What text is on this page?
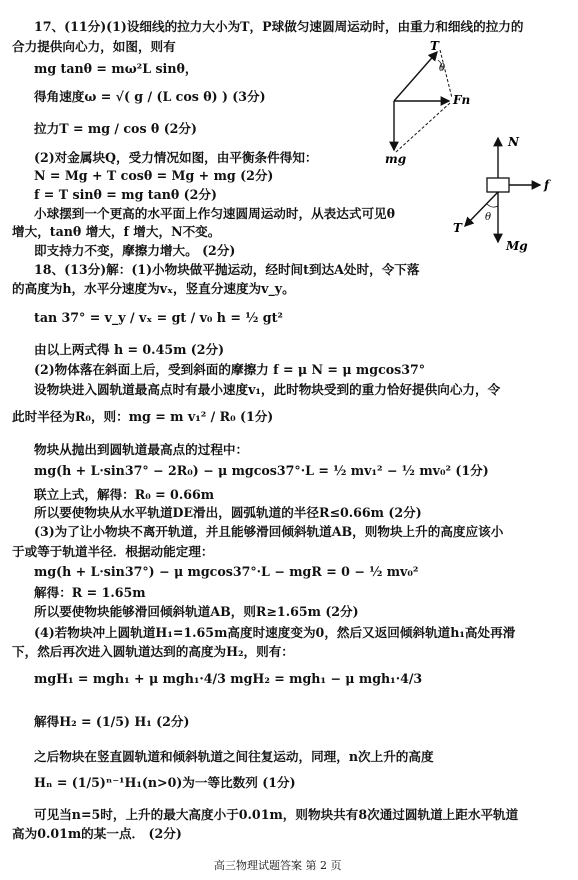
17、(11分)(1)设细线的拉力大小为T，P球做匀速圆周运动时，由重力和细线的拉力的
合力提供向心力，如图，则有
mg tanθ = mω²L sinθ，
得角速度ω = √( g / (L cos θ) ) (3分)
拉力T = mg / cos θ (2分)
(2)对金属块Q，受力情况如图，由平衡条件得知：
N = Mg + T cosθ = Mg + mg (2分)
f = T sinθ = mg tanθ (2分)
小球摆到一个更高的水平面上作匀速圆周运动时，从表达式可见θ
增大，tanθ 增大，f 增大，N不变。
即支持力不变，摩擦力增大。 (2分)
18、(13分)解：(1)小物块做平抛运动，经时间t到达A处时，令下落
的高度为h，水平分速度为vₓ，竖直分速度为v_y。
tan 37° = v_y / vₓ = gt / v₀ h = ½ gt²
由以上两式得 h = 0.45m (2分)
(2)物体落在斜面上后，受到斜面的摩擦力 f = μ N = μ mgcos37°
设物块进入圆轨道最高点时有最小速度v₁，此时物块受到的重力恰好提供向心力，令
此时半径为R₀，则：mg = m v₁² / R₀ (1分)
物块从抛出到圆轨道最高点的过程中：
mg(h + L·sin37° − 2R₀) − μ mgcos37°·L = ½ mv₁² − ½ mv₀² (1分)
联立上式，解得：R₀ = 0.66m
所以要使物块从水平轨道DE滑出，圆弧轨道的半径R≤0.66m (2分)
(3)为了让小物块不离开轨道，并且能够滑回倾斜轨道AB，则物块上升的高度应该小
于或等于轨道半径．根据动能定理：
mg(h + L·sin37°) − μ mgcos37°·L − mgR = 0 − ½ mv₀²
解得：R = 1.65m
所以要使物块能够滑回倾斜轨道AB，则R≥1.65m (2分)
(4)若物块冲上圆轨道H₁=1.65m高度时速度变为0，然后又返回倾斜轨道h₁高处再滑
下，然后再次进入圆轨道达到的高度为H₂，则有：
mgH₁ = mgh₁ + μ mgh₁·4/3 mgH₂ = mgh₁ − μ mgh₁·4/3
解得H₂ = (1/5) H₁ (2分)
之后物块在竖直圆轨道和倾斜轨道之间往复运动，同理，n次上升的高度
Hₙ = (1/5)ⁿ⁻¹H₁(n>0)为一等比数列 (1分)
可见当n=5时，上升的最大高度小于0.01m，则物块共有8次通过圆轨道上距水平轨道
高为0.01m的某一点． (2分)
T
θ
Fn
mg
N
f
θ
T
Mg
高三物理试题答案 第 2 页
